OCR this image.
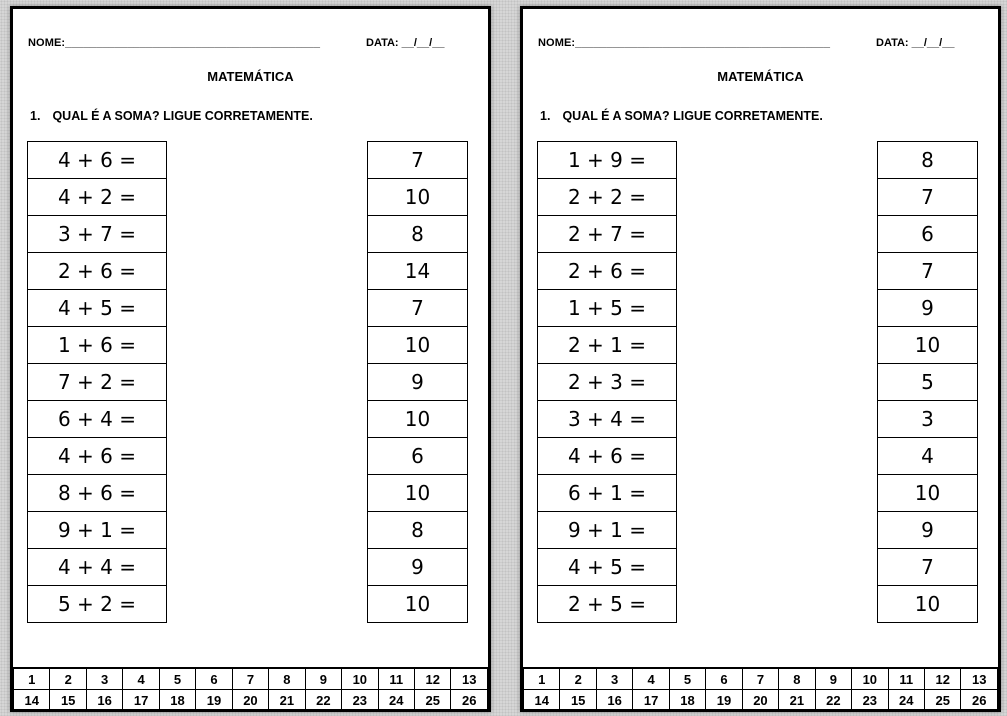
NOME:_________________________________________	DATA: __/__/__
MATEMÁTICA
1. QUAL É A SOMA? LIGUE CORRETAMENTE.
4 + 6 =
4 + 2 =
3 + 7 =
2 + 6 =
4 + 5 =
1 + 6 =
7 + 2 =
6 + 4 =
4 + 6 =
8 + 6 =
9 + 1 =
4 + 4 =
5 + 2 =
7
10
8
14
7
10
9
10
6
10
8
9
10
1	2	3	4	5	6	7	8	9	10	11	12	13
14	15	16	17	18	19	20	21	22	23	24	25	26
NOME:_________________________________________	DATA: __/__/__
MATEMÁTICA
1. QUAL É A SOMA? LIGUE CORRETAMENTE.
1 + 9 =
2 + 2 =
2 + 7 =
2 + 6 =
1 + 5 =
2 + 1 =
2 + 3 =
3 + 4 =
4 + 6 =
6 + 1 =
9 + 1 =
4 + 5 =
2 + 5 =
8
7
6
7
9
10
5
3
4
10
9
7
10
1	2	3	4	5	6	7	8	9	10	11	12	13
14	15	16	17	18	19	20	21	22	23	24	25	26
